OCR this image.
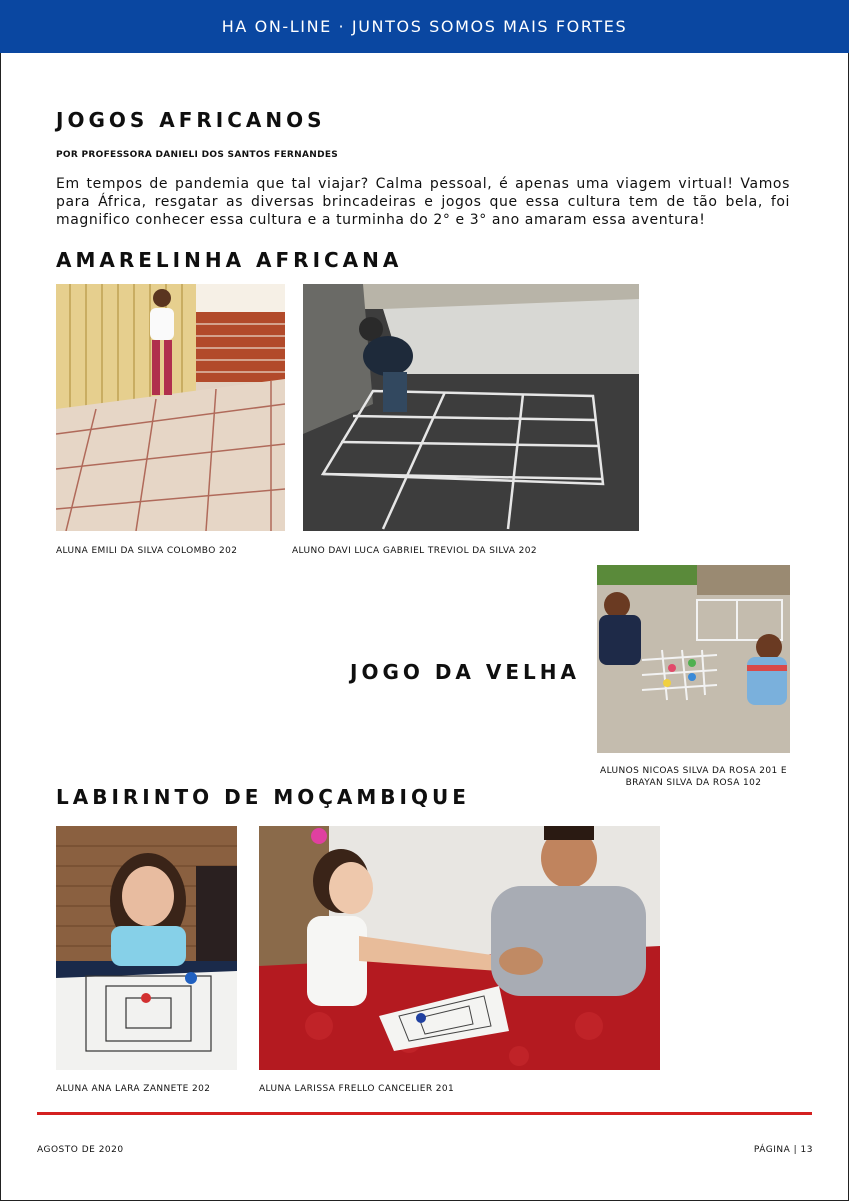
HA ON-LINE · JUNTOS SOMOS MAIS FORTES
JOGOS AFRICANOS
POR PROFESSORA DANIELI DOS SANTOS FERNANDES
Em tempos de pandemia que tal viajar? Calma pessoal, é apenas uma viagem virtual! Vamos para África, resgatar as diversas brincadeiras e jogos que essa cultura tem de tão bela, foi magnifico conhecer essa cultura e a turminha do 2° e 3° ano amaram essa aventura!
AMARELINHA AFRICANA
ALUNA EMILI DA SILVA COLOMBO 202	ALUNO DAVI LUCA GABRIEL TREVIOL DA SILVA 202
JOGO DA VELHA
ALUNOS NICOAS SILVA DA ROSA 201 E
BRAYAN SILVA DA ROSA 102
LABIRINTO DE MOÇAMBIQUE
ALUNA ANA LARA ZANNETE 202	ALUNA LARISSA FRELLO CANCELIER 201
AGOSTO DE 2020	PÁGINA | 13
